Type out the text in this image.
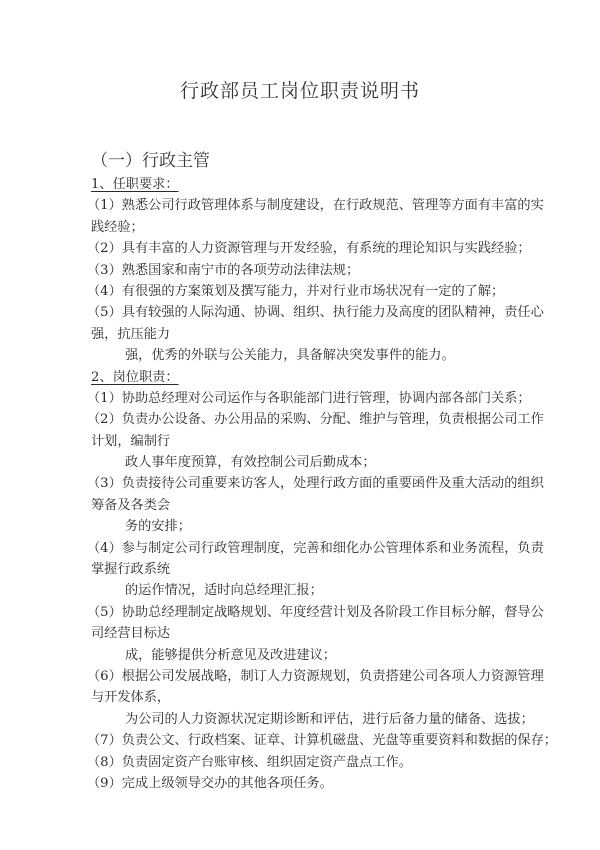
行政部员工岗位职责说明书
（一）行政主管
1、任职要求：
（1）熟悉公司行政管理体系与制度建设，在行政规范、管理等方面有丰富的实
践经验；
（2）具有丰富的人力资源管理与开发经验，有系统的理论知识与实践经验；
（3）熟悉国家和南宁市的各项劳动法律法规；
（4）有很强的方案策划及撰写能力，并对行业市场状况有一定的了解；
（5）具有较强的人际沟通、协调、组织、执行能力及高度的团队精神，责任心
强，抗压能力
强，优秀的外联与公关能力，具备解决突发事件的能力。
2、岗位职责：
（1）协助总经理对公司运作与各职能部门进行管理，协调内部各部门关系；
（2）负责办公设备、办公用品的采购、分配、维护与管理，负责根据公司工作
计划，编制行
政人事年度预算，有效控制公司后勤成本；
（3）负责接待公司重要来访客人，处理行政方面的重要函件及重大活动的组织
筹备及各类会
务的安排；
（4）参与制定公司行政管理制度，完善和细化办公管理体系和业务流程，负责
掌握行政系统
的运作情况，适时向总经理汇报；
（5）协助总经理制定战略规划、年度经营计划及各阶段工作目标分解，督导公
司经营目标达
成，能够提供分析意见及改进建议；
（6）根据公司发展战略，制订人力资源规划，负责搭建公司各项人力资源管理
与开发体系，
为公司的人力资源状况定期诊断和评估，进行后备力量的储备、选拔；
（7）负责公文、行政档案、证章、计算机磁盘、光盘等重要资料和数据的保存；
（8）负责固定资产台账审核、组织固定资产盘点工作。
（9）完成上级领导交办的其他各项任务。
